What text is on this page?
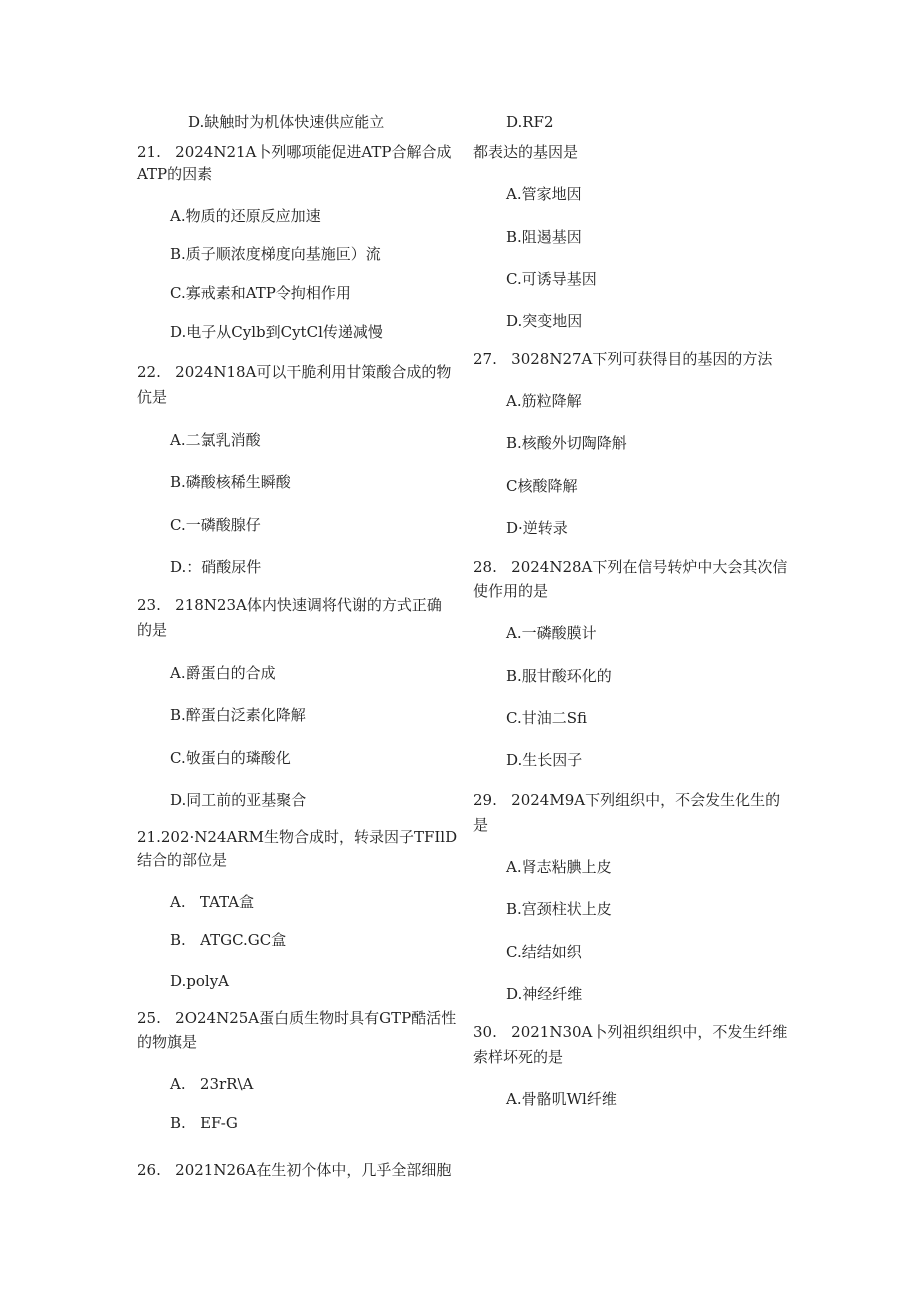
D.缺触时为机体快速供应能立
21.   2024N21A卜列哪项能促进ATP合解合成
ATP的因素
A.物质的还原反应加速
B.质子顺浓度梯度向基施叵）流
C.寡戒素和ATP令拘相作用
D.电子从Cylb到CytCl传递减慢
22.   2024N18A可以干脆利用甘策酸合成的物
伉是
A.二氯乳消酸
B.磷酸核稀生瞬酸
C.一磷酸腺仔
D.：硝酸尿件
23.   218N23A体内快速调将代谢的方式正确
的是
A.爵蛋白的合成
B.醉蛋白泛素化降解
C.敂蛋白的璘酸化
D.同工前的亚基聚合
21.202·N24ARM生物合成时，转录因子TFIlD
结合的部位是
A.   TATA盒
B.   ATGC.GC盒
D.polyA
25.   2O24N25A蛋白质生物时具有GTP酷活性
的物旗是
A.   23rR\A
B.   EF-G
26.   2021N26A在生初个体中，几乎全部细胞
D.RF2
都表达的基因是
A.管家地因
B.阻遏基因
C.可诱导基因
D.突变地因
27.   3028N27A下列可获得目的基因的方法
A.筋粒降解
B.核酸外切陶降斛
C核酸降解
D·逆转录
28.   2024N28A下列在信号转炉中大会其次信
使作用的是
A.一磷酸膜计
B.服甘酸环化的
C.甘油二Sfi
D.生长因子
29.   2024M9A下列组织中，不会发生化生的
是
A.肾志粘腆上皮
B.宫颈柱状上皮
C.结结如织
D.神经纤维
30.   2021N30A卜列祖织组织中，不发生纤维
索样坏死的是
A.骨骼叽Wl纤维
